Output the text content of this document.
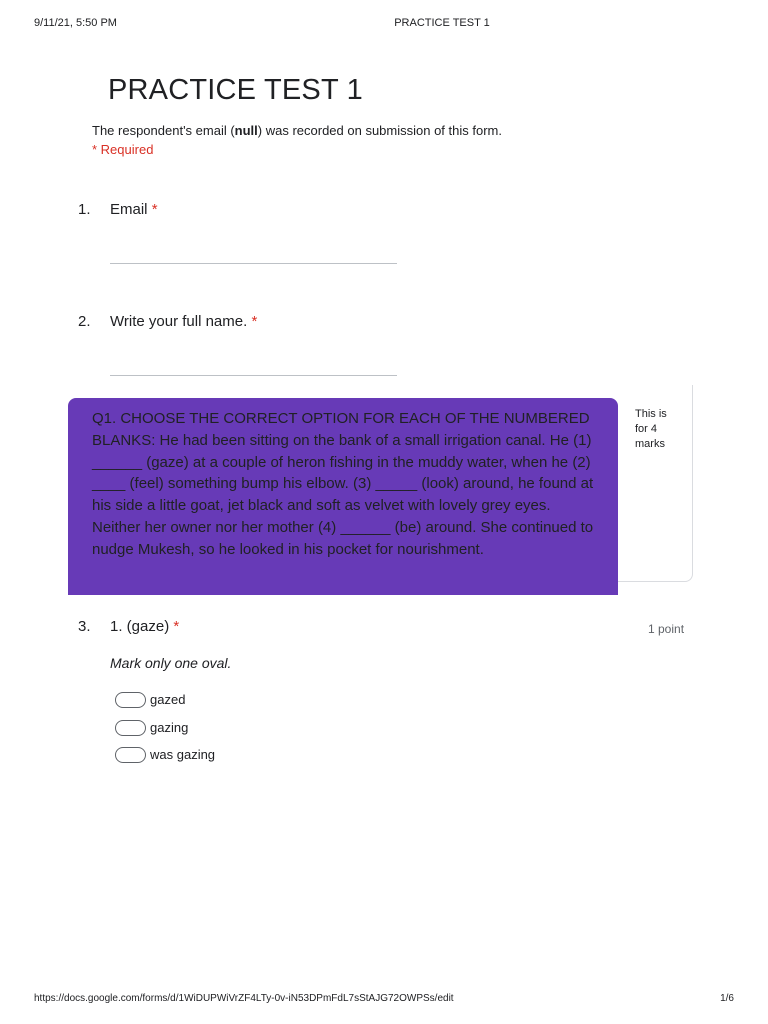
9/11/21, 5:50 PM	PRACTICE TEST 1
PRACTICE TEST 1
The respondent's email (null) was recorded on submission of this form.
* Required
1. Email *
2. Write your full name. *
This is for 4 marks
Q1. CHOOSE THE CORRECT OPTION FOR EACH OF THE NUMBERED BLANKS: He had been sitting on the bank of a small irrigation canal. He (1) ______ (gaze) at a couple of heron fishing in the muddy water, when he (2) ____ (feel) something bump his elbow. (3) _____ (look) around, he found at his side a little goat, jet black and soft as velvet with lovely grey eyes. Neither her owner nor her mother (4) ______ (be) around. She continued to nudge Mukesh, so he looked in his pocket for nourishment.
3. 1. (gaze) *	1 point
Mark only one oval.
gazed
gazing
was gazing
https://docs.google.com/forms/d/1WiDUPWiVrZF4LTy-0v-iN53DPmFdL7sStAJG72OWPSs/edit	1/6
